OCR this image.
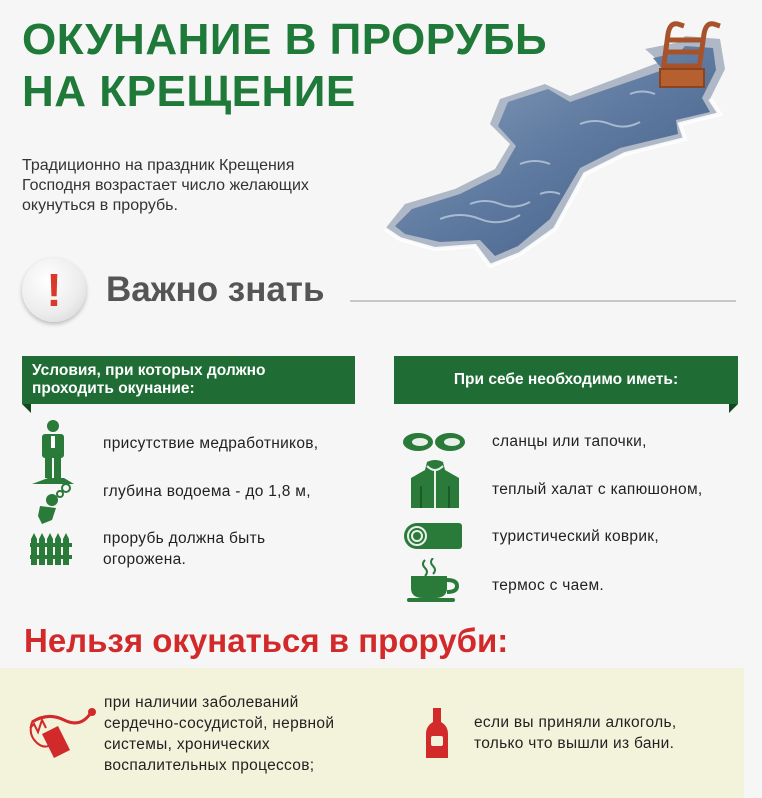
ОКУНАНИЕ В ПРОРУБЬ
НА КРЕЩЕНИЕ
Традиционно на праздник Крещения
Господня возрастает число желающих
окунуться в прорубь.
!	Важно знать
Условия, при которых должно
проходить окунание:
При себе необходимо иметь:
присутствие медработников,
глубина водоема - до 1,8 м,
прорубь должна быть
огорожена.
сланцы или тапочки,
теплый халат с капюшоном,
туристический коврик,
термос с чаем.
Нельзя окунаться в проруби:
при наличии заболеваний
сердечно-сосудистой, нервной
системы, хронических
воспалительных процессов;
если вы приняли алкоголь,
только что вышли из бани.
